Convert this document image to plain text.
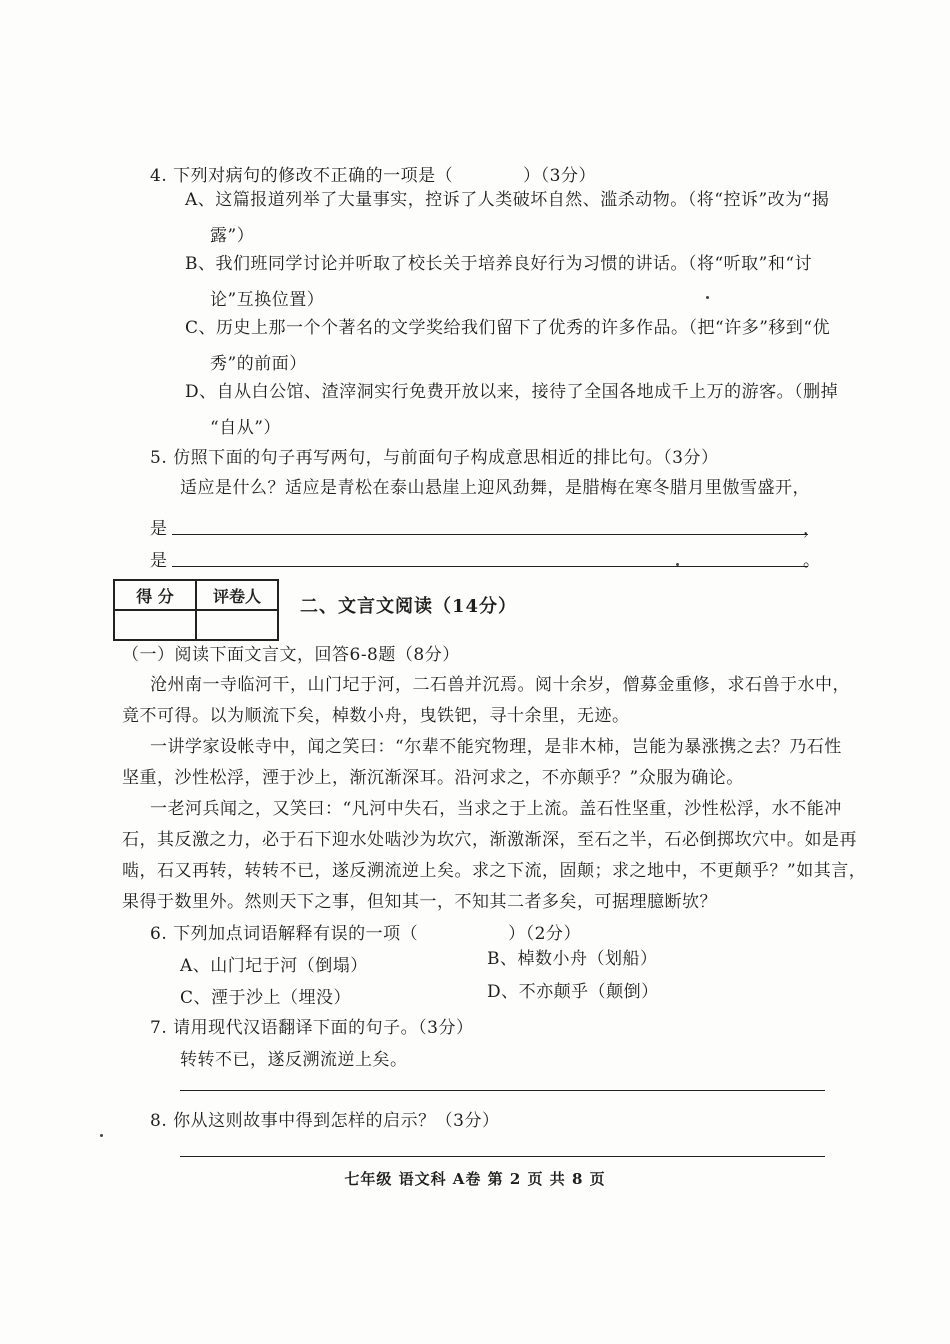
4. 下列对病句的修改不正确的一项是（	）（3分）
A、这篇报道列举了大量事实，控诉了人类破坏自然、滥杀动物。（将“控诉”改为“揭
露”）
B、我们班同学讨论并听取了校长关于培养良好行为习惯的讲话。（将“听取”和“讨
论”互换位置）
C、历史上那一个个著名的文学奖给我们留下了优秀的许多作品。（把“许多”移到“优
秀”的前面）
D、自从白公馆、渣滓洞实行免费开放以来，接待了全国各地成千上万的游客。（删掉
“自从”）
5. 仿照下面的句子再写两句，与前面句子构成意思相近的排比句。（3分）
适应是什么？适应是青松在泰山悬崖上迎风劲舞，是腊梅在寒冬腊月里傲雪盛开，
是	，
是	。
得 分	评卷人
	二、文言文阅读（14分）
（一）阅读下面文言文，回答6-8题（8分）
沧州南一寺临河干，山门圮于河，二石兽并沉焉。阅十余岁，僧募金重修，求石兽于水中，
竟不可得。以为顺流下矣，棹数小舟，曳铁钯，寻十余里，无迹。
一讲学家设帐寺中，闻之笑曰：“尔辈不能究物理，是非木柿，岂能为暴涨携之去？乃石性
坚重，沙性松浮，湮于沙上，渐沉渐深耳。沿河求之，不亦颠乎？”众服为确论。
一老河兵闻之，又笑曰：“凡河中失石，当求之于上流。盖石性坚重，沙性松浮，水不能冲
石，其反激之力，必于石下迎水处啮沙为坎穴，渐激渐深，至石之半，石必倒掷坎穴中。如是再
啮，石又再转，转转不已，遂反溯流逆上矣。求之下流，固颠；求之地中，不更颠乎？”如其言，
果得于数里外。然则天下之事，但知其一，不知其二者多矣，可据理臆断欤？
6. 下列加点词语解释有误的一项（	）（2分）
A、山门圮于河（倒塌）	B、棹数小舟（划船）
C、湮于沙上（埋没）	D、不亦颠乎（颠倒）
7. 请用现代汉语翻译下面的句子。（3分）
转转不已，遂反溯流逆上矣。
8. 你从这则故事中得到怎样的启示？（3分）
七年级 语文科 A卷 第 2 页 共 8 页
